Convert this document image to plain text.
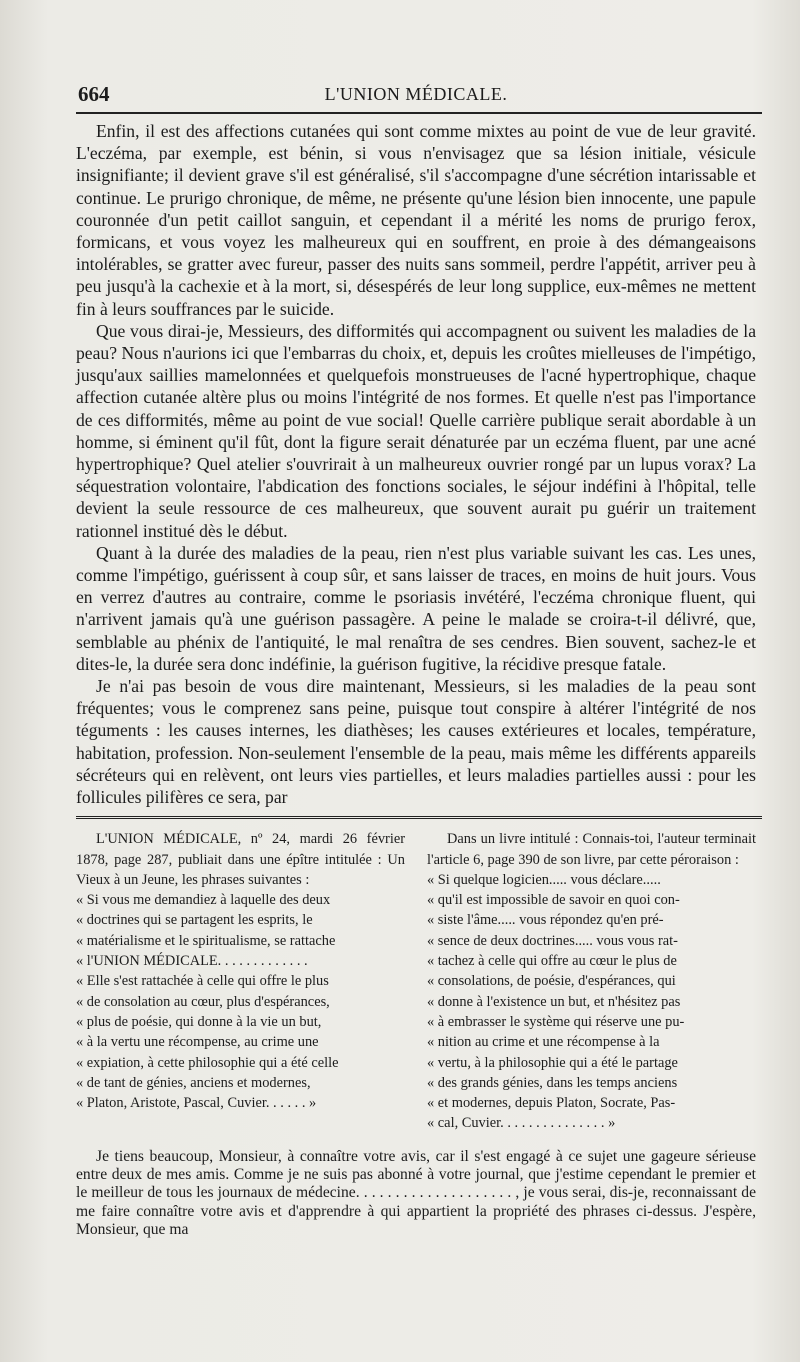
664	L'UNION MÉDICALE.

Enfin, il est des affections cutanées qui sont comme mixtes au point de vue de leur gravité. L'eczéma, par exemple, est bénin, si vous n'envisagez que sa lésion initiale, vésicule insignifiante; il devient grave s'il est généralisé, s'il s'accompagne d'une sécrétion intarissable et continue. Le prurigo chronique, de même, ne présente qu'une lésion bien innocente, une papule couronnée d'un petit caillot sanguin, et cependant il a mérité les noms de prurigo ferox, formicans, et vous voyez les malheureux qui en souffrent, en proie à des démangeaisons intolérables, se gratter avec fureur, passer des nuits sans sommeil, perdre l'appétit, arriver peu à peu jusqu'à la cachexie et à la mort, si, désespérés de leur long supplice, eux-mêmes ne mettent fin à leurs souffrances par le suicide.

Que vous dirai-je, Messieurs, des difformités qui accompagnent ou suivent les maladies de la peau? Nous n'aurions ici que l'embarras du choix, et, depuis les croûtes mielleuses de l'impétigo, jusqu'aux saillies mamelonnées et quelquefois monstrueuses de l'acné hypertrophique, chaque affection cutanée altère plus ou moins l'intégrité de nos formes. Et quelle n'est pas l'importance de ces difformités, même au point de vue social! Quelle carrière publique serait abordable à un homme, si éminent qu'il fût, dont la figure serait dénaturée par un eczéma fluent, par une acné hypertrophique? Quel atelier s'ouvrirait à un malheureux ouvrier rongé par un lupus vorax? La séquestration volontaire, l'abdication des fonctions sociales, le séjour indéfini à l'hôpital, telle devient la seule ressource de ces malheureux, que souvent aurait pu guérir un traitement rationnel institué dès le début.

Quant à la durée des maladies de la peau, rien n'est plus variable suivant les cas. Les unes, comme l'impétigo, guérissent à coup sûr, et sans laisser de traces, en moins de huit jours. Vous en verrez d'autres au contraire, comme le psoriasis invétéré, l'eczéma chronique fluent, qui n'arrivent jamais qu'à une guérison passagère. A peine le malade se croira-t-il délivré, que, semblable au phénix de l'antiquité, le mal renaîtra de ses cendres. Bien souvent, sachez-le et dites-le, la durée sera donc indéfinie, la guérison fugitive, la récidive presque fatale.

Je n'ai pas besoin de vous dire maintenant, Messieurs, si les maladies de la peau sont fréquentes; vous le comprenez sans peine, puisque tout conspire à altérer l'intégrité de nos téguments : les causes internes, les diathèses; les causes extérieures et locales, température, habitation, profession. Non-seulement l'ensemble de la peau, mais même les différents appareils sécréteurs qui en relèvent, ont leurs vies partielles, et leurs maladies partielles aussi : pour les follicules pilifères ce sera, par

L'UNION MÉDICALE, nº 24, mardi 26 février 1878, page 287, publiait dans une épître intitulée : Un Vieux à un Jeune, les phrases suivantes :

« Si vous me demandiez à laquelle des deux
« doctrines qui se partagent les esprits, le
« matérialisme et le spiritualisme, se rattache
« l'UNION MÉDICALE. . . . . . . . . . . . .
« Elle s'est rattachée à celle qui offre le plus
« de consolation au cœur, plus d'espérances,
« plus de poésie, qui donne à la vie un but,
« à la vertu une récompense, au crime une
« expiation, à cette philosophie qui a été celle
« de tant de génies, anciens et modernes,
« Platon, Aristote, Pascal, Cuvier. . . . . . »

Dans un livre intitulé : Connais-toi, l'auteur terminait l'article 6, page 390 de son livre, par cette péroraison :

« Si quelque logicien..... vous déclare.....
« qu'il est impossible de savoir en quoi con-
« siste l'âme..... vous répondez qu'en pré-
« sence de deux doctrines..... vous vous rat-
« tachez à celle qui offre au cœur le plus de
« consolations, de poésie, d'espérances, qui
« donne à l'existence un but, et n'hésitez pas
« à embrasser le système qui réserve une pu-
« nition au crime et une récompense à la
« vertu, à la philosophie qui a été le partage
« des grands génies, dans les temps anciens
« et modernes, depuis Platon, Socrate, Pas-
« cal, Cuvier. . . . . . . . . . . . . . . »

Je tiens beaucoup, Monsieur, à connaître votre avis, car il s'est engagé à ce sujet une gageure sérieuse entre deux de mes amis. Comme je ne suis pas abonné à votre journal, que j'estime cependant le premier et le meilleur de tous les journaux de médecine. . . . . . . . . . . . . . . . . . . . , je vous serai, dis-je, reconnaissant de me faire connaître votre avis et d'apprendre à qui appartient la propriété des phrases ci-dessus. J'espère, Monsieur, que ma
